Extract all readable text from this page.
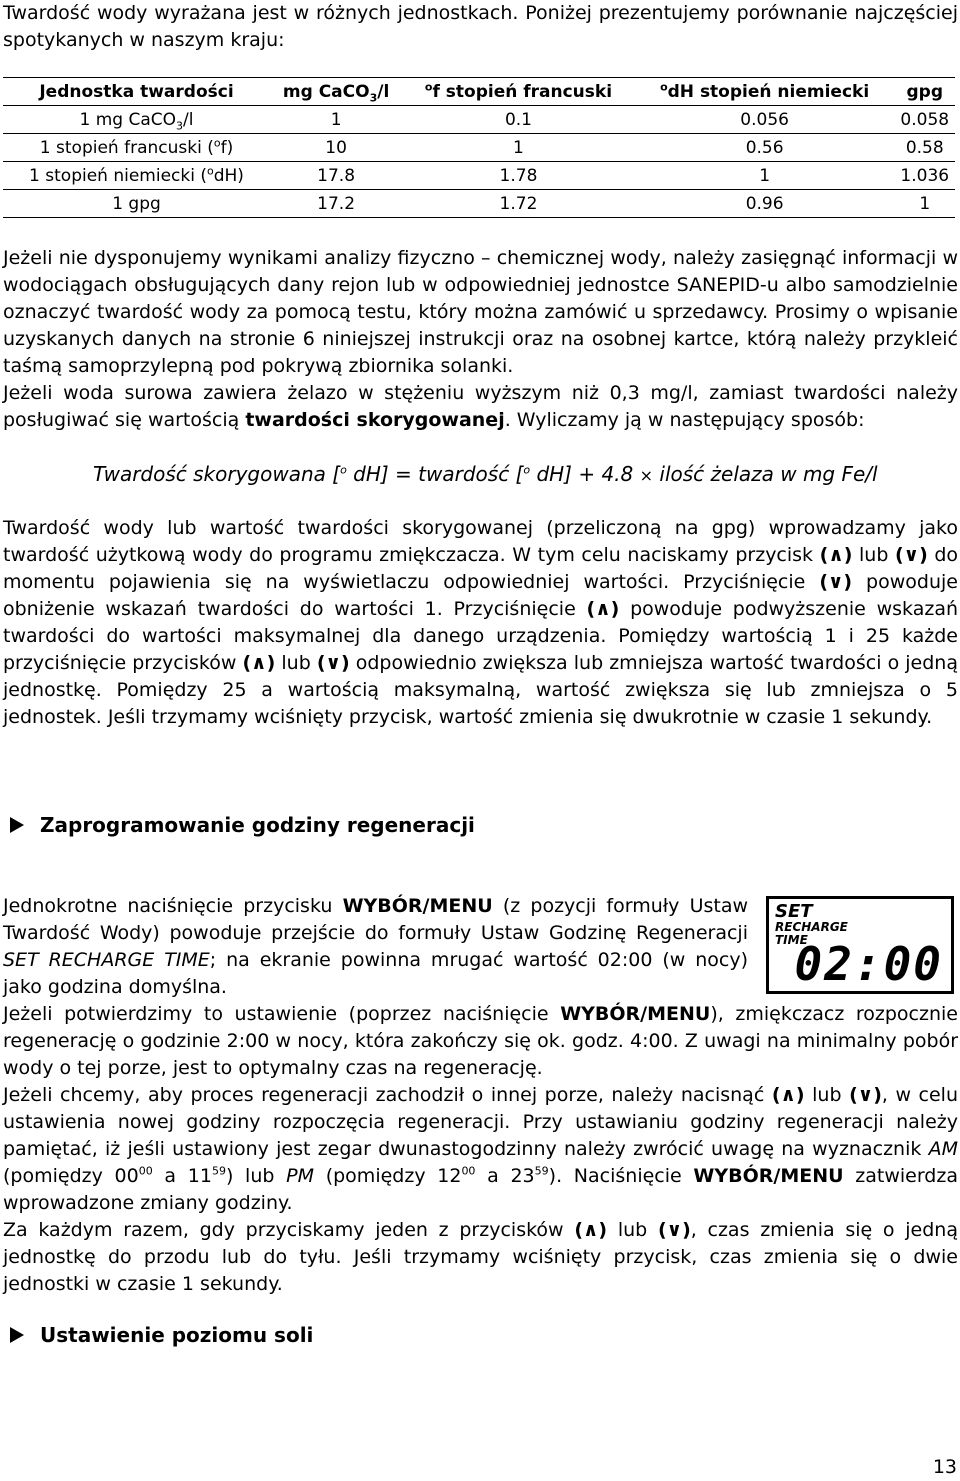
Twardość wody wyrażana jest w różnych jednostkach. Poniżej prezentujemy porównanie najczęściej spotykanych w naszym kraju:

Jednostka twardości	mg CaCO$_3$/l	$^o$f stopień francuski	$^o$dH stopień niemiecki	gpg
1 mg CaCO$_3$/l	1	0.1	0.056	0.058
1 stopień francuski ($^o$f)	10	1	0.56	0.58
1 stopień niemiecki ($^o$dH)	17.8	1.78	1	1.036
1 gpg	17.2	1.72	0.96	1

Jeżeli nie dysponujemy wynikami analizy fizyczno – chemicznej wody, należy zasięgnąć informacji w wodociągach obsługujących dany rejon lub w odpowiedniej jednostce SANEPID-u albo samodzielnie oznaczyć twardość wody za pomocą testu, który można zamówić u sprzedawcy. Prosimy o wpisanie uzyskanych danych na stronie 6 niniejszej instrukcji oraz na osobnej kartce, którą należy przykleić taśmą samoprzylepną pod pokrywą zbiornika solanki.

Jeżeli woda surowa zawiera żelazo w stężeniu wyższym niż 0,3 mg/l, zamiast twardości należy posługiwać się wartością twardości skorygowanej. Wyliczamy ją w następujący sposób:

Twardość skorygowana [$^o$ dH] = twardość [$^o$ dH] + 4.8 × ilość żelaza w mg Fe/l

Twardość wody lub wartość twardości skorygowanej (przeliczoną na gpg) wprowadzamy jako twardość użytkową wody do programu zmiękczacza. W tym celu naciskamy przycisk (∧) lub (∨) do momentu pojawienia się na wyświetlaczu odpowiedniej wartości. Przyciśnięcie (∨) powoduje obniżenie wskazań twardości do wartości 1. Przyciśnięcie (∧) powoduje podwyższenie wskazań twardości do wartości maksymalnej dla danego urządzenia. Pomiędzy wartością 1 i 25 każde przyciśnięcie przycisków (∧) lub (∨) odpowiednio zwiększa lub zmniejsza wartość twardości o jedną jednostkę. Pomiędzy 25 a wartością maksymalną, wartość zwiększa się lub zmniejsza o 5 jednostek. Jeśli trzymamy wciśnięty przycisk, wartość zmienia się dwukrotnie w czasie 1 sekundy.

Zaprogramowanie godziny regeneracji

Jednokrotne naciśnięcie przycisku WYBÓR/MENU (z pozycji formuły Ustaw Twardość Wody) powoduje przejście do formuły Ustaw Godzinę Regeneracji SET RECHARGE TIME; na ekranie powinna mrugać wartość 02:00 (w nocy) jako godzina domyślna.

SET
RECHARGE
TIME
02:00

Jeżeli potwierdzimy to ustawienie (poprzez naciśnięcie WYBÓR/MENU), zmiękczacz rozpocznie regenerację o godzinie 2:00 w nocy, która zakończy się ok. godz. 4:00. Z uwagi na minimalny pobór wody o tej porze, jest to optymalny czas na regenerację.

Jeżeli chcemy, aby proces regeneracji zachodził o innej porze, należy nacisnąć (∧) lub (∨), w celu ustawienia nowej godziny rozpoczęcia regeneracji. Przy ustawianiu godziny regeneracji należy pamiętać, iż jeśli ustawiony jest zegar dwunastogodzinny należy zwrócić uwagę na wyznacznik AM (pomiędzy $00^{00}$ a $11^{59}$) lub PM (pomiędzy $12^{00}$ a $23^{59}$). Naciśnięcie WYBÓR/MENU zatwierdza wprowadzone zmiany godziny.

Za każdym razem, gdy przyciskamy jeden z przycisków (∧) lub (∨), czas zmienia się o jedną jednostkę do przodu lub do tyłu. Jeśli trzymamy wciśnięty przycisk, czas zmienia się o dwie jednostki w czasie 1 sekundy.

Ustawienie poziomu soli
13
